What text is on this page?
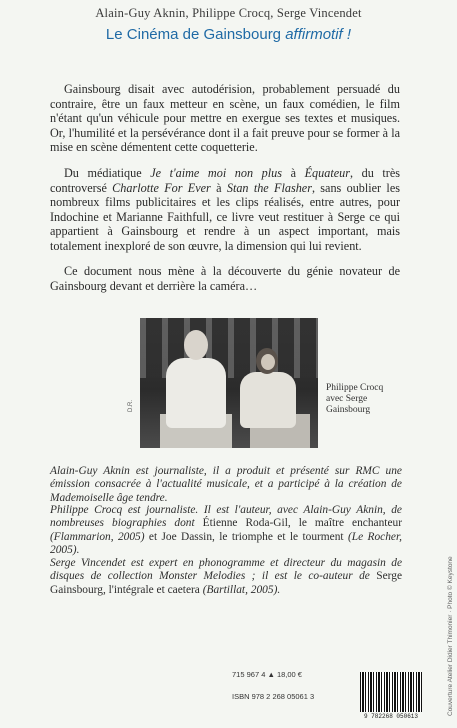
Alain-Guy Aknin, Philippe Crocq, Serge Vincendet
Le Cinéma de Gainsbourg affirmotif !

Gainsbourg disait avec autodérision, probablement persuadé du contraire, être un faux metteur en scène, un faux comédien, le film n'étant qu'un véhicule pour mettre en exergue ses textes et musiques. Or, l'humilité et la persévérance dont il a fait preuve pour se former à la mise en scène démentent cette coquetterie.

Du médiatique Je t'aime moi non plus à Équateur, du très controversé Charlotte For Ever à Stan the Flasher, sans oublier les nombreux films publicitaires et les clips réalisés, entre autres, pour Indochine et Marianne Faithfull, ce livre veut restituer à Serge ce qui appartient à Gainsbourg et rendre à un aspect important, mais totalement inexploré de son œuvre, la dimension qui lui revient.

Ce document nous mène à la découverte du génie novateur de Gainsbourg devant et derrière la caméra…

D.R.
Philippe Crocq avec Serge Gainsbourg

Alain-Guy Aknin est journaliste, il a produit et présenté sur RMC une émission consacrée à l'actualité musicale, et a participé à la création de Mademoiselle âge tendre.

Philippe Crocq est journaliste. Il est l'auteur, avec Alain-Guy Aknin, de nombreuses biographies dont Étienne Roda-Gil, le maître enchanteur (Flammarion, 2005) et Joe Dassin, le triomphe et le tourment (Le Rocher, 2005).

Serge Vincendet est expert en phonogramme et directeur du magasin de disques de collection Monster Melodies ; il est le co-auteur de Serge Gainsbourg, l'intégrale et caetera (Bartillat, 2005).

715 967 4 ▲ 18,00 €
ISBN 978 2 268 05061 3
9 782268 050613
Couverture Atelier Didier Thimonier · Photo © Keystone
